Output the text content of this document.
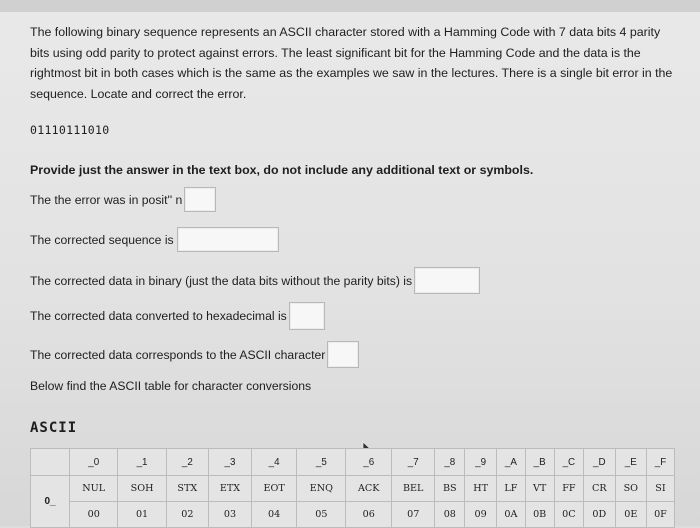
The following binary sequence represents an ASCII character stored with a Hamming Code with 7 data bits 4 parity bits using odd parity to protect against errors. The least significant bit for the Hamming Code and the data is the rightmost bit in both cases which is the same as the examples we saw in the lectures. There is a single bit error in the sequence. Locate and correct the error.
01110111010
Provide just the answer in the text box, do not include any additional text or symbols.
The the error was in posit'' n
The corrected sequence is
The corrected data in binary (just the data bits without the parity bits) is
The corrected data converted to hexadecimal is
The corrected data corresponds to the ASCII character
Below find the ASCII table for character conversions
ASCII
	_0	_1	_2	_3	_4	_5	_6	_7	_8	_9	_A	_B	_C	_D	_E	_F
0_	NUL	SOH	STX	ETX	EOT	ENQ	ACK	BEL	BS	HT	LF	VT	FF	CR	SO	SI
	00	01	02	03	04	05	06	07	08	09	0A	0B	0C	0D	0E	0F
